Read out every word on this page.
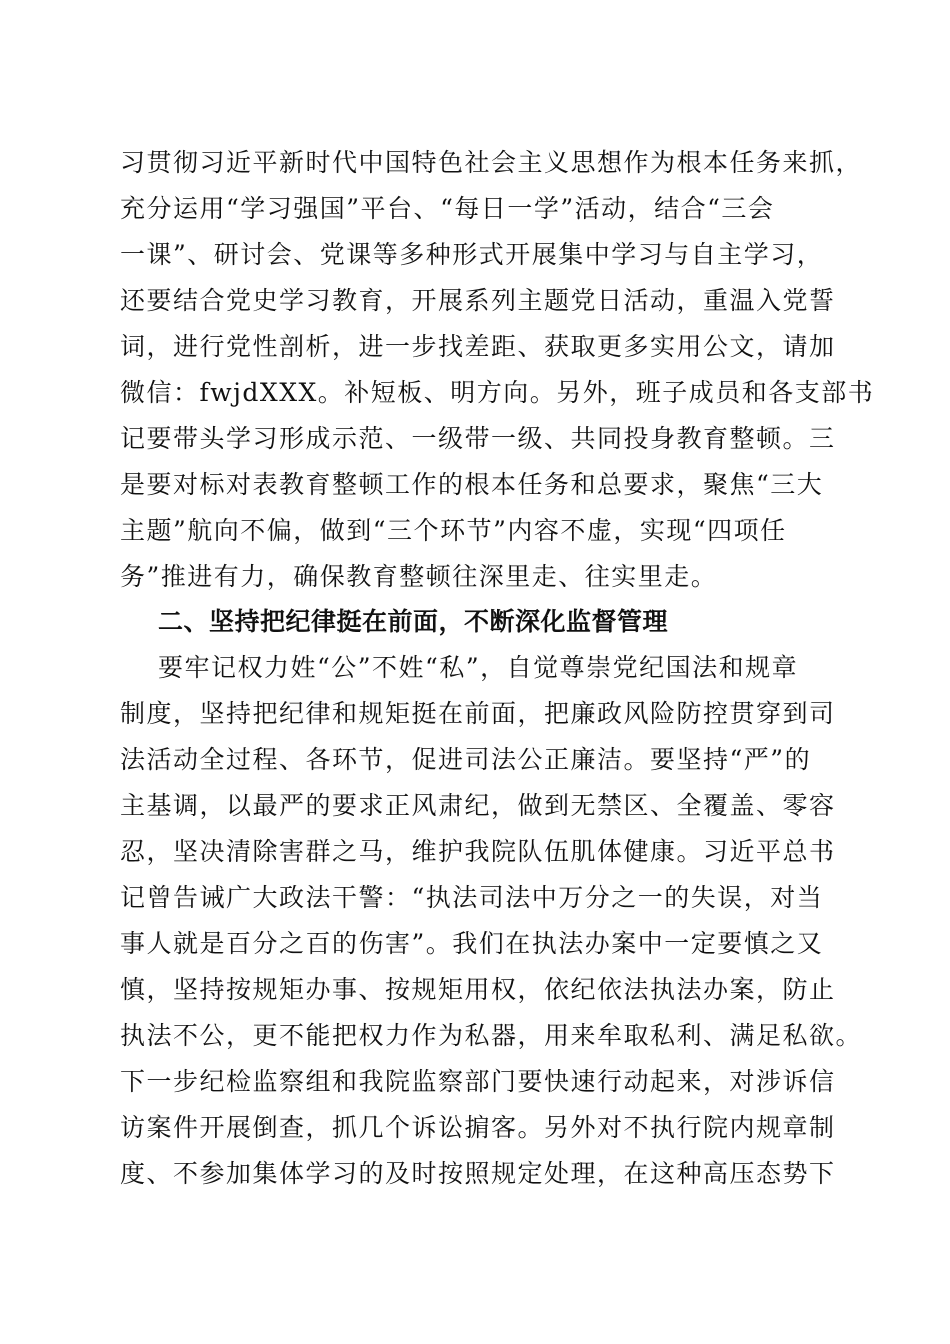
习贯彻习近平新时代中国特色社会主义思想作为根本任务来抓，
充分运用“学习强国”平台、“每日一学”活动，结合“三会
一课”、研讨会、党课等多种形式开展集中学习与自主学习，
还要结合党史学习教育，开展系列主题党日活动，重温入党誓
词，进行党性剖析，进一步找差距、获取更多实用公文，请加
微信：fwjdXXX。补短板、明方向。另外，班子成员和各支部书
记要带头学习形成示范、一级带一级、共同投身教育整顿。三
是要对标对表教育整顿工作的根本任务和总要求，聚焦“三大
主题”航向不偏，做到“三个环节”内容不虚，实现“四项任
务”推进有力，确保教育整顿往深里走、往实里走。
二、坚持把纪律挺在前面，不断深化监督管理
要牢记权力姓“公”不姓“私”，自觉尊崇党纪国法和规章
制度，坚持把纪律和规矩挺在前面，把廉政风险防控贯穿到司
法活动全过程、各环节，促进司法公正廉洁。要坚持“严”的
主基调，以最严的要求正风肃纪，做到无禁区、全覆盖、零容
忍，坚决清除害群之马，维护我院队伍肌体健康。习近平总书
记曾告诫广大政法干警：“执法司法中万分之一的失误，对当
事人就是百分之百的伤害”。我们在执法办案中一定要慎之又
慎，坚持按规矩办事、按规矩用权，依纪依法执法办案，防止
执法不公，更不能把权力作为私器，用来牟取私利、满足私欲。
下一步纪检监察组和我院监察部门要快速行动起来，对涉诉信
访案件开展倒查，抓几个诉讼掮客。另外对不执行院内规章制
度、不参加集体学习的及时按照规定处理，在这种高压态势下
